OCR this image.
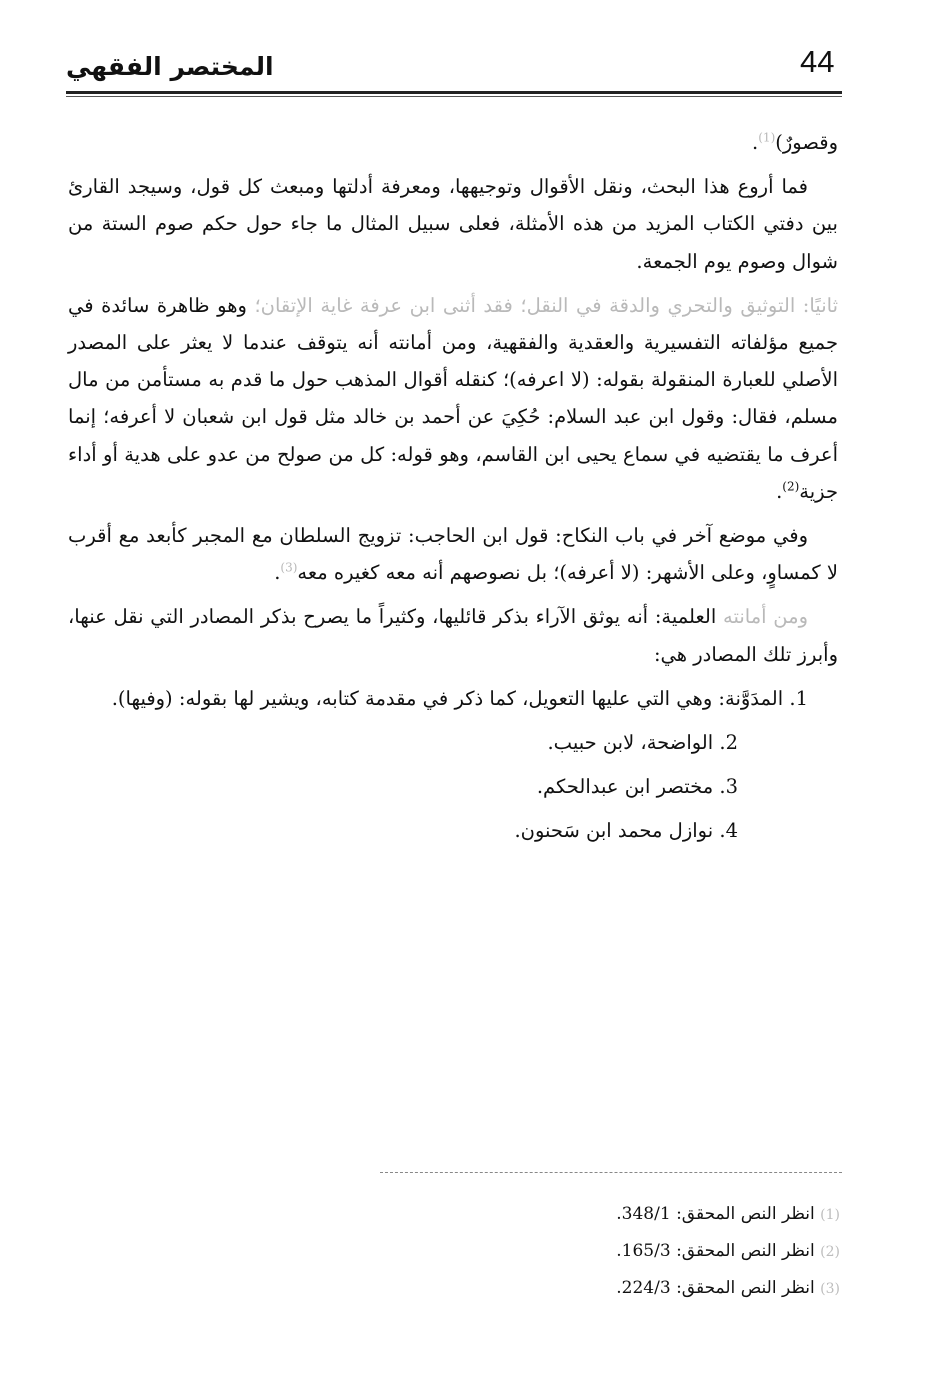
44
المختصر الفقهي

وقصورٌ)$^{(1)}$.

فما أروع هذا البحث، ونقل الأقوال وتوجيهها، ومعرفة أدلتها ومبعث كل قول، وسيجد القارئ بين دفتي الكتاب المزيد من هذه الأمثلة، فعلى سبيل المثال ما جاء حول حكم صوم الستة من شوال وصوم يوم الجمعة.

ثانيًا: التوثيق والتحري والدقة في النقل؛ فقد أثنى ابن عرفة غاية الإتقان؛ وهو ظاهرة سائدة في جميع مؤلفاته التفسيرية والعقدية والفقهية، ومن أمانته أنه يتوقف عندما لا يعثر على المصدر الأصلي للعبارة المنقولة بقوله: (لا اعرفه)؛ كنقله أقوال المذهب حول ما قدم به مستأمن من مال مسلم، فقال: وقول ابن عبد السلام: حُكِيَ عن أحمد بن خالد مثل قول ابن شعبان لا أعرفه؛ إنما أعرف ما يقتضيه في سماع يحيى ابن القاسم، وهو قوله: كل من صولح من عدو على هدية أو أداء جزية$^{(2)}$.

وفي موضع آخر في باب النكاح: قول ابن الحاجب: تزويج السلطان مع المجبر كأبعد مع أقرب لا كمساوٍ، وعلى الأشهر: (لا أعرفه)؛ بل نصوصهم أنه معه كغيره معه$^{(3)}$.

ومن أمانته العلمية: أنه يوثق الآراء بذكر قائليها، وكثيراً ما يصرح بذكر المصادر التي نقل عنها، وأبرز تلك المصادر هي:

1. المدَوَّنة: وهي التي عليها التعويل، كما ذكر في مقدمة كتابه، ويشير لها بقوله: (وفيها).
2. الواضحة، لابن حبيب.
3. مختصر ابن عبدالحكم.
4. نوازل محمد ابن سَحنون.
(1) انظر النص المحقق: 348/1.
(2) انظر النص المحقق: 165/3.
(3) انظر النص المحقق: 224/3.
